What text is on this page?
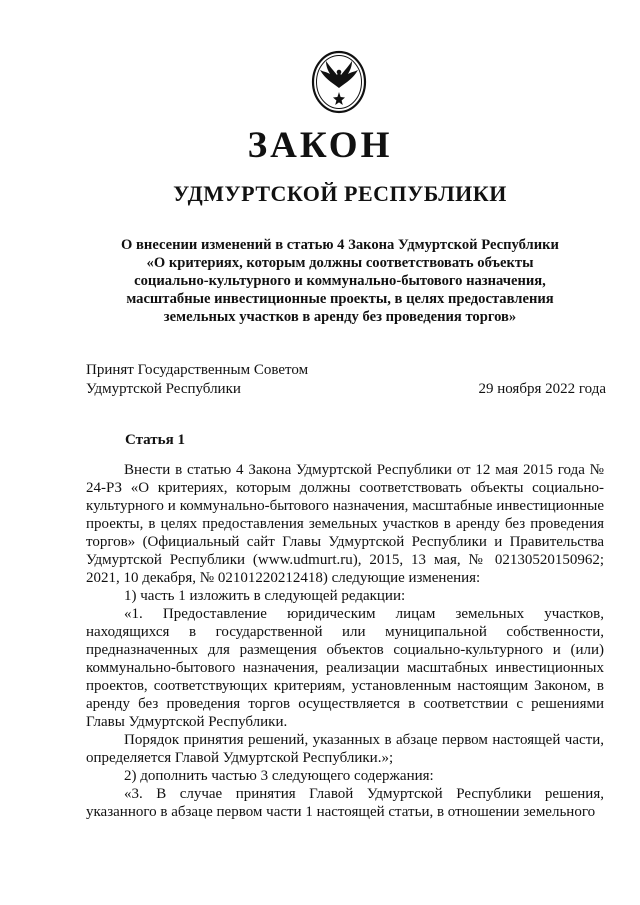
ЗАКОН
УДМУРТСКОЙ РЕСПУБЛИКИ
О внесении изменений в статью 4 Закона Удмуртской Республики
«О критериях, которым должны соответствовать объекты
социально-культурного и коммунально-бытового назначения,
масштабные инвестиционные проекты, в целях предоставления
земельных участков в аренду без проведения торгов»
Принят Государственным Советом
Удмуртской Республики	29 ноября 2022 года
Статья 1

Внести в статью 4 Закона Удмуртской Республики от 12 мая 2015 года № 24-РЗ «О критериях, которым должны соответствовать объекты социально-культурного и коммунально-бытового назначения, масштабные инвестиционные проекты, в целях предоставления земельных участков в аренду без проведения торгов» (Официальный сайт Главы Удмуртской Республики и Правительства Удмуртской Республики (www.udmurt.ru), 2015, 13 мая, № 02130520150962; 2021, 10 декабря, № 02101220212418) следующие изменения:

1) часть 1 изложить в следующей редакции:

«1. Предоставление юридическим лицам земельных участков, находящихся в государственной или муниципальной собственности, предназначенных для размещения объектов социально-культурного и (или) коммунально-бытового назначения, реализации масштабных инвестиционных проектов, соответствующих критериям, установленным настоящим Законом, в аренду без проведения торгов осуществляется в соответствии с решениями Главы Удмуртской Республики.

Порядок принятия решений, указанных в абзаце первом настоящей части, определяется Главой Удмуртской Республики.»;

2) дополнить частью 3 следующего содержания:

«3. В случае принятия Главой Удмуртской Республики решения, указанного в абзаце первом части 1 настоящей статьи, в отношении земельного
